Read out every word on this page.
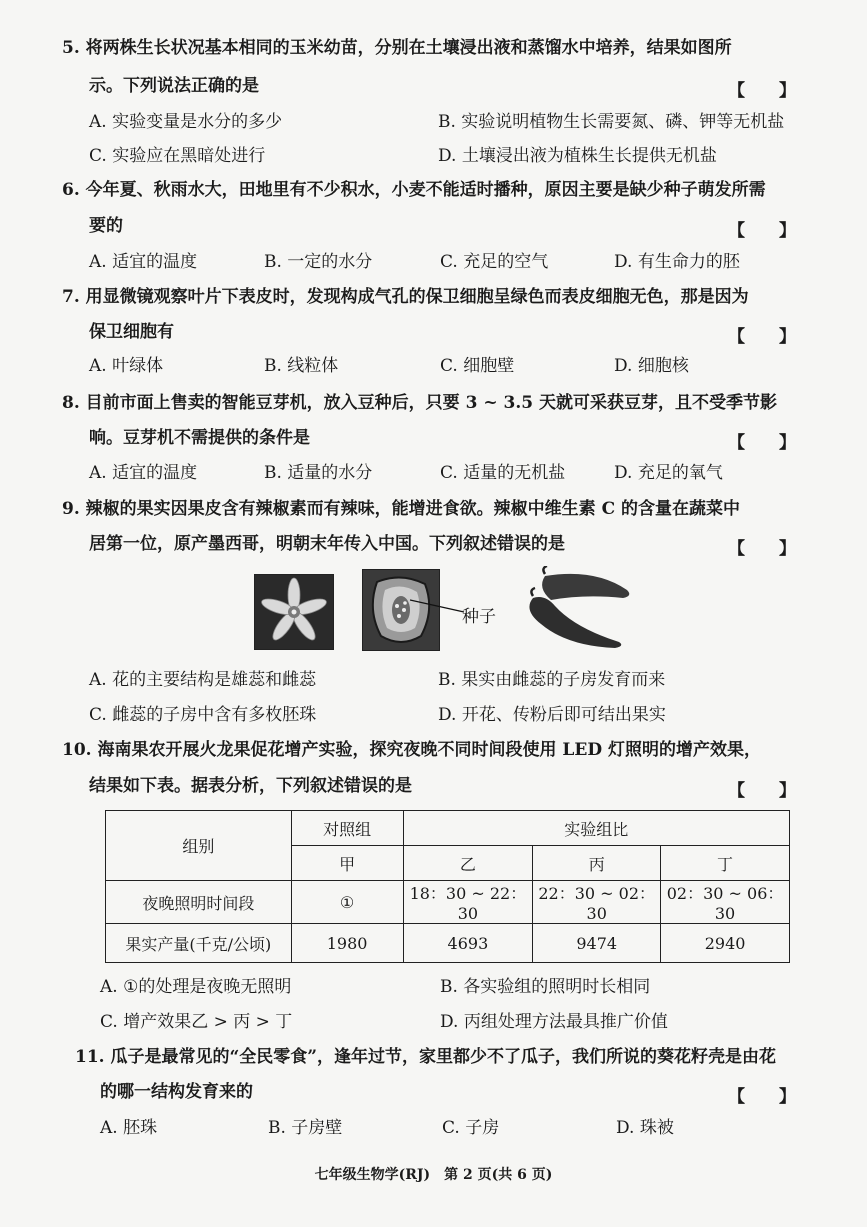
5. 将两株生长状况基本相同的玉米幼苗，分别在土壤浸出液和蒸馏水中培养，结果如图所
示。下列说法正确的是	【　　】
A. 实验变量是水分的多少	B. 实验说明植物生长需要氮、磷、钾等无机盐
C. 实验应在黑暗处进行	D. 土壤浸出液为植株生长提供无机盐
6. 今年夏、秋雨水大，田地里有不少积水，小麦不能适时播种，原因主要是缺少种子萌发所需
要的	【　　】
A. 适宜的温度	B. 一定的水分	C. 充足的空气	D. 有生命力的胚
7. 用显微镜观察叶片下表皮时，发现构成气孔的保卫细胞呈绿色而表皮细胞无色，那是因为
保卫细胞有	【　　】
A. 叶绿体	B. 线粒体	C. 细胞壁	D. 细胞核
8. 目前市面上售卖的智能豆芽机，放入豆种后，只要 3 ~ 3.5 天就可采获豆芽，且不受季节影
响。豆芽机不需提供的条件是	【　　】
A. 适宜的温度	B. 适量的水分	C. 适量的无机盐	D. 充足的氧气
9. 辣椒的果实因果皮含有辣椒素而有辣味，能增进食欲。辣椒中维生素 C 的含量在蔬菜中
居第一位，原产墨西哥，明朝末年传入中国。下列叙述错误的是	【　　】
种子
A. 花的主要结构是雄蕊和雌蕊	B. 果实由雌蕊的子房发育而来
C. 雌蕊的子房中含有多枚胚珠	D. 开花、传粉后即可结出果实
10. 海南果农开展火龙果促花增产实验，探究夜晚不同时间段使用 LED 灯照明的增产效果，
结果如下表。据表分析，下列叙述错误的是	【　　】
组别	对照组	实验组比		
	甲	乙	丙	丁
夜晚照明时间段	①	18：30 ~ 22：30	22：30 ~ 02：30	02：30 ~ 06：30
果实产量(千克/公顷)	1980	4693	9474	2940
A. ①的处理是夜晚无照明	B. 各实验组的照明时长相同
C. 增产效果乙 > 丙 > 丁	D. 丙组处理方法最具推广价值
11. 瓜子是最常见的“全民零食”，逢年过节，家里都少不了瓜子，我们所说的葵花籽壳是由花
的哪一结构发育来的	【　　】
A. 胚珠	B. 子房壁	C. 子房	D. 珠被
七年级生物学(RJ)　第 2 页(共 6 页)
